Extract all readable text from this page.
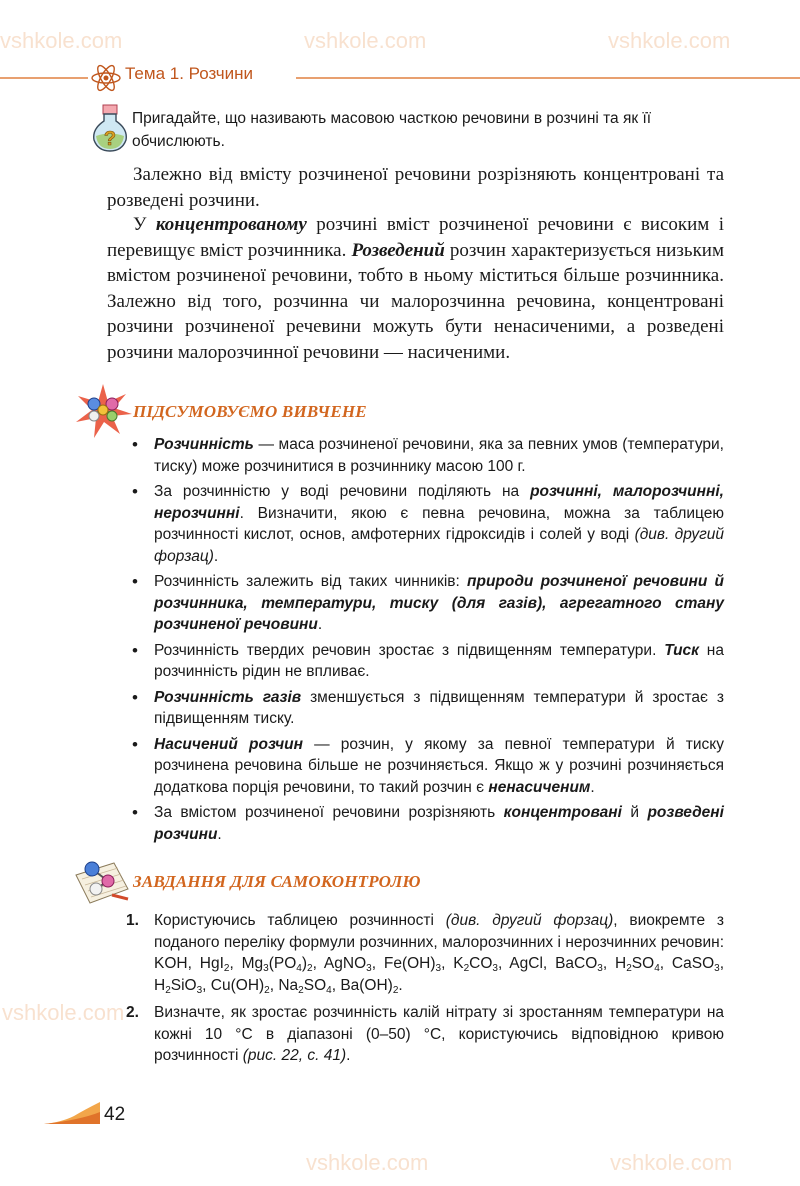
vshkole.com	vshkole.com	vshkole.com
vshkole.com
vshkole.com	vshkole.com
Тема 1. Розчини
?

Пригадайте, що називають масовою часткою речовини в розчині та як її обчислюють.

Залежно від вмісту розчиненої речовини розрізняють концентровані та розведені розчини.

У концентрованому розчині вміст розчиненої речовини є високим і перевищує вміст розчинника. Розведений розчин характеризується низьким вмістом розчиненої речовини, тобто в ньому міститься більше розчинника. Залежно від того, розчинна чи малорозчинна речовина, концентровані розчини розчиненої речевини можуть бути ненасиченими, а розведені розчини малорозчинної речовини — насиченими.

ПІДСУМОВУЄМО ВИВЧЕНЕ
• Розчинність — маса розчиненої речовини, яка за певних умов (температури, тиску) може розчинитися в розчиннику масою 100 г.
• За розчинністю у воді речовини поділяють на розчинні, малорозчинні, нерозчинні. Визначити, якою є певна речовина, можна за таблицею розчинності кислот, основ, амфотерних гідроксидів і солей у воді (див. другий форзац).
• Розчинність залежить від таких чинників: природи розчиненої речовини й розчинника, температури, тиску (для газів), агрегатного стану розчиненої речовини.
• Розчинність твердих речовин зростає з підвищенням температури. Тиск на розчинність рідин не впливає.
• Розчинність газів зменшується з підвищенням температури й зростає з підвищенням тиску.
• Насичений розчин — розчин, у якому за певної температури й тиску розчинена речовина більше не розчиняється. Якщо ж у розчині розчиняється додаткова порція речовини, то такий розчин є ненасиченим.
• За вмістом розчиненої речовини розрізняють концентровані й розведені розчини.
ЗАВДАННЯ ДЛЯ САМОКОНТРОЛЮ
1. Користуючись таблицею розчинності (див. другий форзац), виокремте з поданого переліку формули розчинних, малорозчинних і нерозчинних речовин: KOH, HgI$_2$, $Mg_3(PO_4)_2$, AgNO$_3$, $Fe(OH)_3$, $K_2CO_3$, AgCl, BaCO$_3$, $H_2SO_4$, CaSO$_3$, $H_2SiO_3$, $Cu(OH)_2$, $Na_2SO_4$, $Ba(OH)_2$.
2. Визначте, як зростає розчинність калій нітрату зі зростанням температури на кожні 10 °С в діапазоні (0–50) °С, користуючись відповідною кривою розчинності (рис. 22, с. 41).
42
